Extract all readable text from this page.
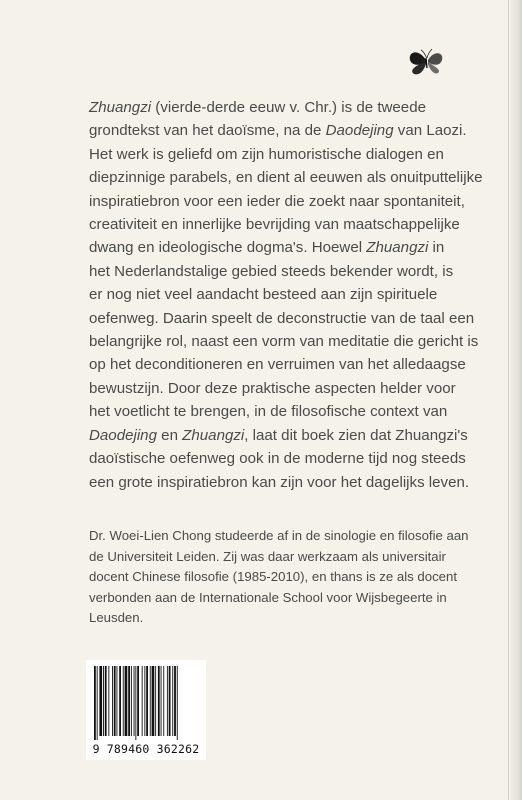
Zhuangzi (vierde-derde eeuw v. Chr.) is de tweede
grondtekst van het daoïsme, na de Daodejing van Laozi.
Het werk is geliefd om zijn humoristische dialogen en
diepzinnige parabels, en dient al eeuwen als onuitputtelijke
inspiratiebron voor een ieder die zoekt naar spontaniteit,
creativiteit en innerlijke bevrijding van maatschappelijke
dwang en ideologische dogma's. Hoewel Zhuangzi in
het Nederlandstalige gebied steeds bekender wordt, is
er nog niet veel aandacht besteed aan zijn spirituele
oefenweg. Daarin speelt de deconstructie van de taal een
belangrijke rol, naast een vorm van meditatie die gericht is
op het deconditioneren en verruimen van het alledaagse
bewustzijn. Door deze praktische aspecten helder voor
het voetlicht te brengen, in de filosofische context van
Daodejing en Zhuangzi, laat dit boek zien dat Zhuangzi's
daoïstische oefenweg ook in de moderne tijd nog steeds
een grote inspiratiebron kan zijn voor het dagelijks leven.

Dr. Woei-Lien Chong studeerde af in de sinologie en filosofie aan
de Universiteit Leiden. Zij was daar werkzaam als universitair
docent Chinese filosofie (1985-2010), en thans is ze als docent
verbonden aan de Internationale School voor Wijsbegeerte in
Leusden.

9 789460 362262
